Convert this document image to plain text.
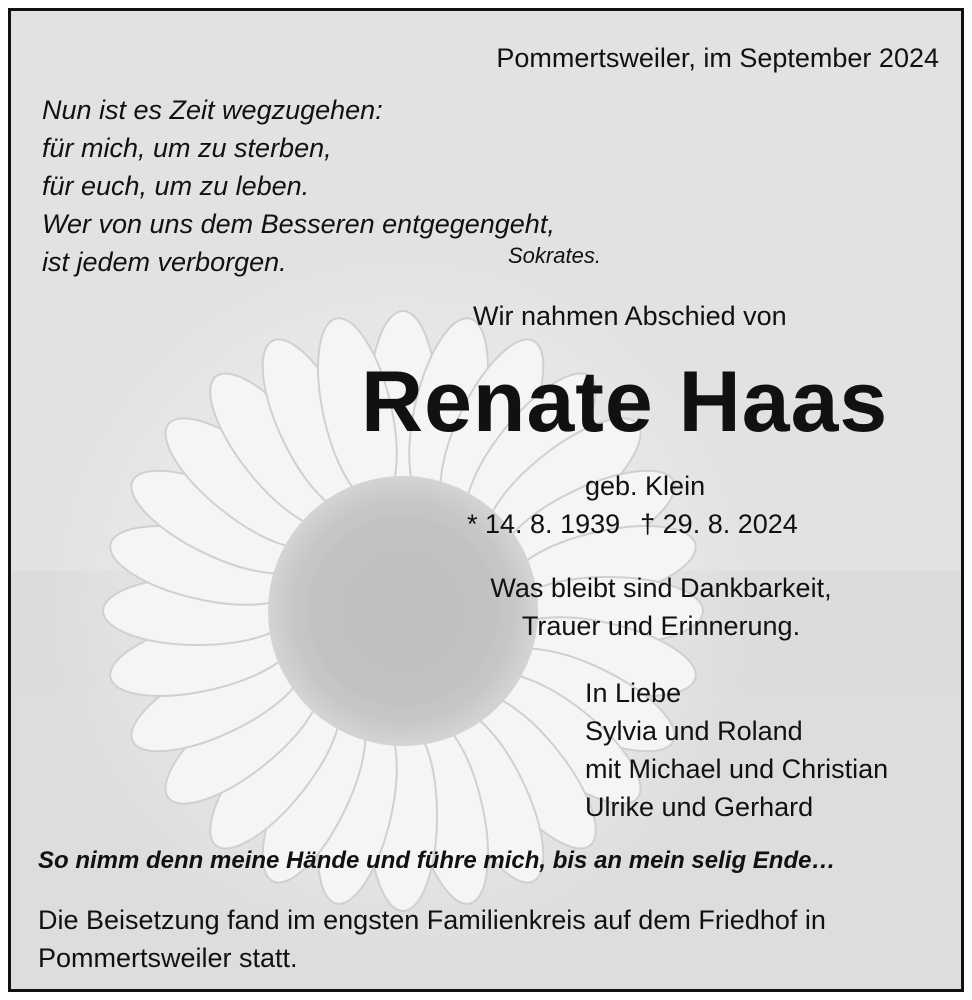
Pommertsweiler, im September 2024
Nun ist es Zeit wegzugehen:
für mich, um zu sterben,
für euch, um zu leben.
Wer von uns dem Besseren entgegengeht,
ist jedem verborgen.	Sokrates.
Wir nahmen Abschied von
Renate Haas
geb. Klein
* 14. 8. 1939 † 29. 8. 2024
Was bleibt sind Dankbarkeit,
Trauer und Erinnerung.
In Liebe
Sylvia und Roland
mit Michael und Christian
Ulrike und Gerhard
So nimm denn meine Hände und führe mich, bis an mein selig Ende…
Die Beisetzung fand im engsten Familienkreis auf dem Friedhof in
Pommertsweiler statt.
